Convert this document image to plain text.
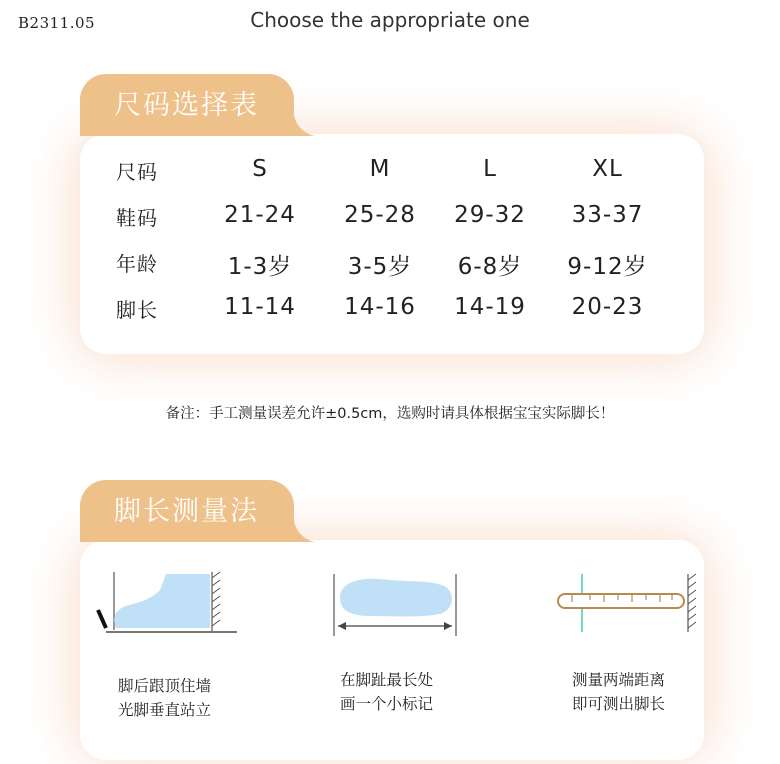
B2311.05	Choose the appropriate one
尺码选择表
尺码	S	M	L	XL
鞋码	21-24	25-28	29-32	33-37
年龄	1-3岁	3-5岁	6-8岁	9-12岁
脚长	11-14	14-16	14-19	20-23
备注：手工测量误差允许±0.5cm，选购时请具体根据宝宝实际脚长！
脚长测量法
脚后跟顶住墙
光脚垂直站立
在脚趾最长处
画一个小标记
测量两端距离
即可测出脚长
